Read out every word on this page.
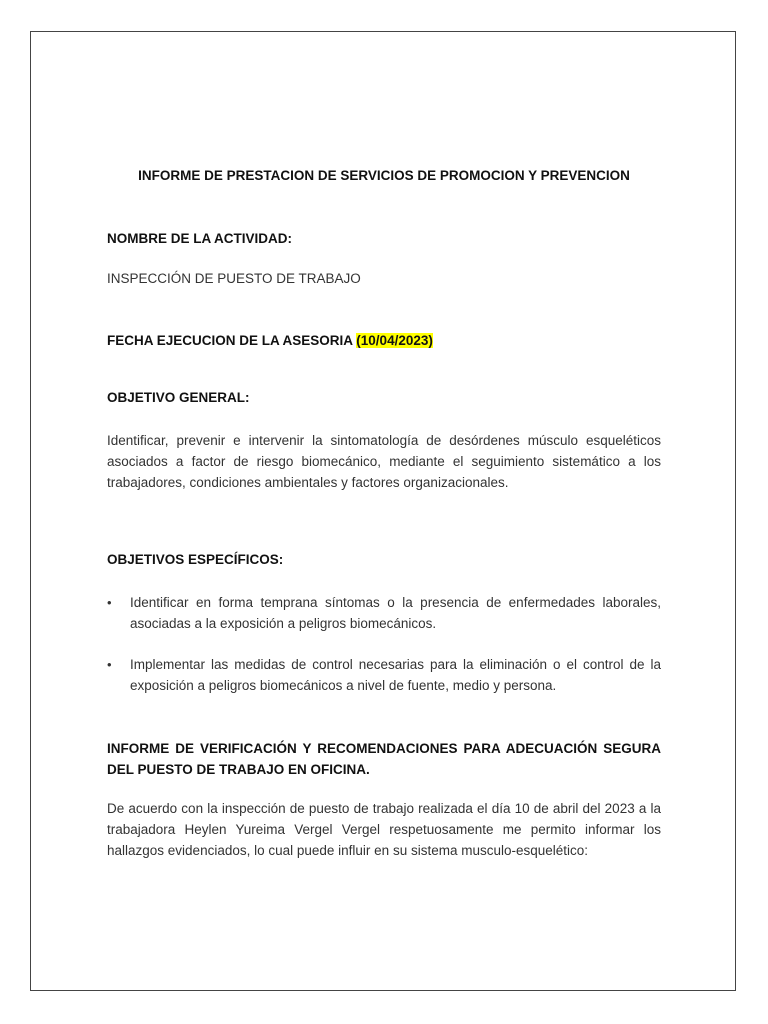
INFORME DE PRESTACION DE SERVICIOS DE PROMOCION Y PREVENCION
NOMBRE DE LA ACTIVIDAD:
INSPECCIÓN DE PUESTO DE TRABAJO
FECHA EJECUCION DE LA ASESORIA (10/04/2023)
OBJETIVO GENERAL:
Identificar, prevenir e intervenir la sintomatología de desórdenes músculo esqueléticos asociados a factor de riesgo biomecánico, mediante el seguimiento sistemático a los trabajadores, condiciones ambientales y factores organizacionales.
OBJETIVOS ESPECÍFICOS:
•	Identificar en forma temprana síntomas o la presencia de enfermedades laborales, asociadas a la exposición a peligros biomecánicos.
•	Implementar las medidas de control necesarias para la eliminación o el control de la exposición a peligros biomecánicos a nivel de fuente, medio y persona.
INFORME DE VERIFICACIÓN Y RECOMENDACIONES PARA ADECUACIÓN SEGURA DEL PUESTO DE TRABAJO EN OFICINA.
De acuerdo con la inspección de puesto de trabajo realizada el día 10 de abril del 2023 a la trabajadora Heylen Yureima Vergel Vergel respetuosamente me permito informar los hallazgos evidenciados, lo cual puede influir en su sistema musculo-esquelético:
